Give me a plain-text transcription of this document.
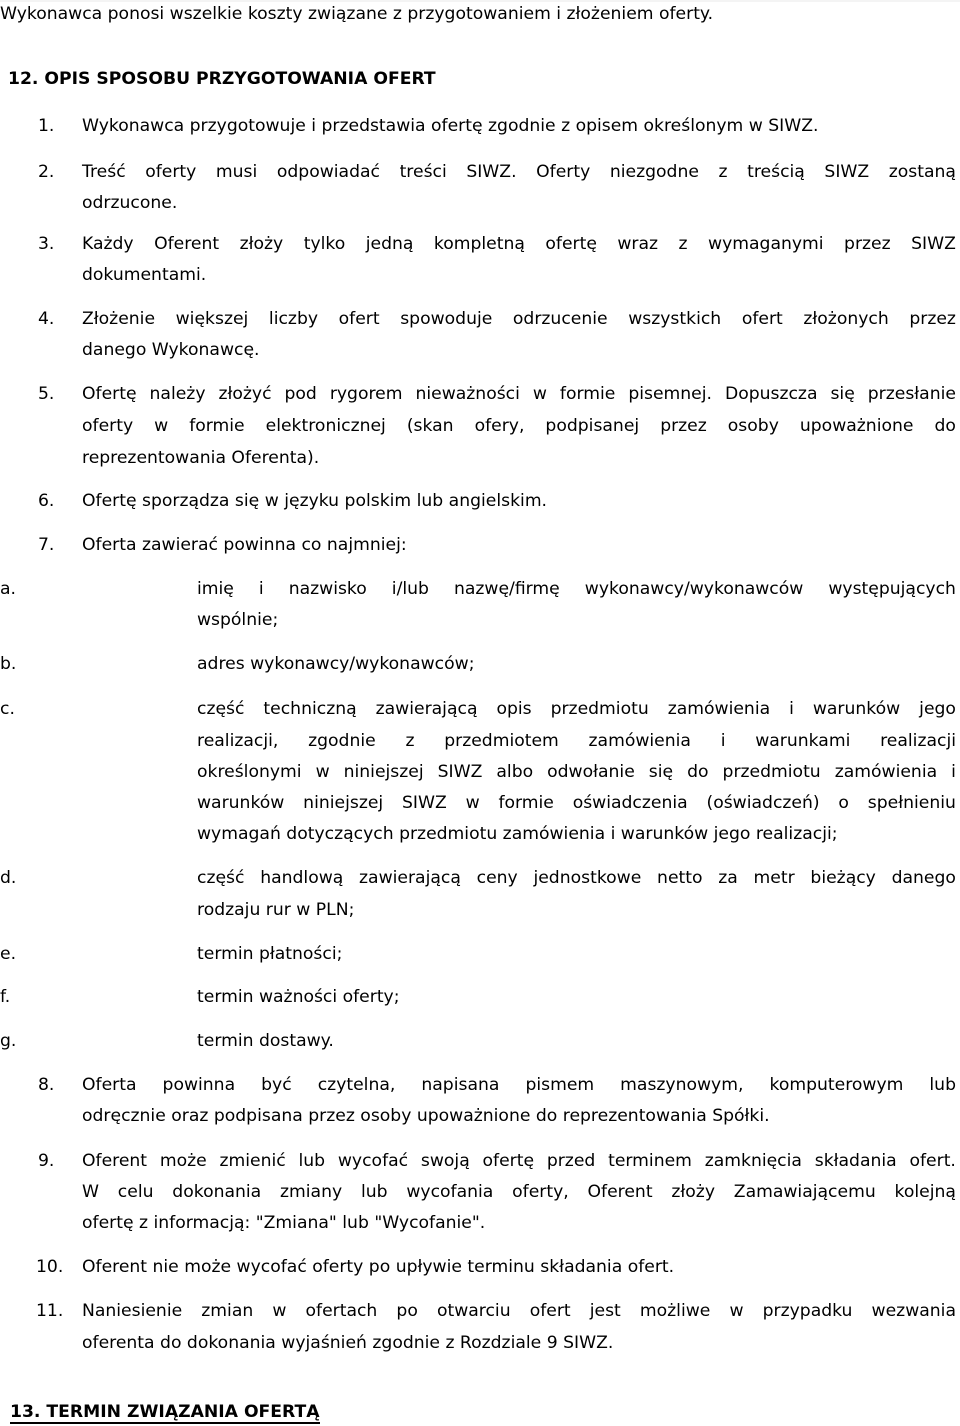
Wykonawca ponosi wszelkie koszty związane z przygotowaniem i złożeniem oferty.
12. OPIS SPOSOBU PRZYGOTOWANIA OFERT
13. TERMIN ZWIĄZANIA OFERTĄ
1. Wykonawca przygotowuje i przedstawia ofertę zgodnie z opisem określonym w SIWZ.
2. Treść oferty musi odpowiadać treści SIWZ. Oferty niezgodne z treścią SIWZ zostaną
odrzucone.
3. Każdy Oferent złoży tylko jedną kompletną ofertę wraz z wymaganymi przez SIWZ
dokumentami.
4. Złożenie większej liczby ofert spowoduje odrzucenie wszystkich ofert złożonych przez
danego Wykonawcę.
5. Ofertę należy złożyć pod rygorem nieważności w formie pisemnej. Dopuszcza się przesłanie
oferty w formie elektronicznej (skan ofery, podpisanej przez osoby upoważnione do
reprezentowania Oferenta).
6. Ofertę sporządza się w języku polskim lub angielskim.
7. Oferta zawierać powinna co najmniej:
a.	imię i nazwisko i/lub nazwę/firmę wykonawcy/wykonawców występujących
wspólnie;
b.	adres wykonawcy/wykonawców;
c.	część techniczną zawierającą opis przedmiotu zamówienia i warunków jego
realizacji, zgodnie z przedmiotem zamówienia i warunkami realizacji
określonymi w niniejszej SIWZ albo odwołanie się do przedmiotu zamówienia i
warunków niniejszej SIWZ w formie oświadczenia (oświadczeń) o spełnieniu
wymagań dotyczących przedmiotu zamówienia i warunków jego realizacji;
d.	część handlową zawierającą ceny jednostkowe netto za metr bieżący danego
rodzaju rur w PLN;
e.	termin płatności;
f.	termin ważności oferty;
g.	termin dostawy.
8. Oferta powinna być czytelna, napisana pismem maszynowym, komputerowym lub
odręcznie oraz podpisana przez osoby upoważnione do reprezentowania Spółki.
9. Oferent może zmienić lub wycofać swoją ofertę przed terminem zamknięcia składania ofert.
W celu dokonania zmiany lub wycofania oferty, Oferent złoży Zamawiającemu kolejną
ofertę z informacją: "Zmiana" lub "Wycofanie".
10. Oferent nie może wycofać oferty po upływie terminu składania ofert.
11. Naniesienie zmian w ofertach po otwarciu ofert jest możliwe w przypadku wezwania
oferenta do dokonania wyjaśnień zgodnie z Rozdziale 9 SIWZ.
